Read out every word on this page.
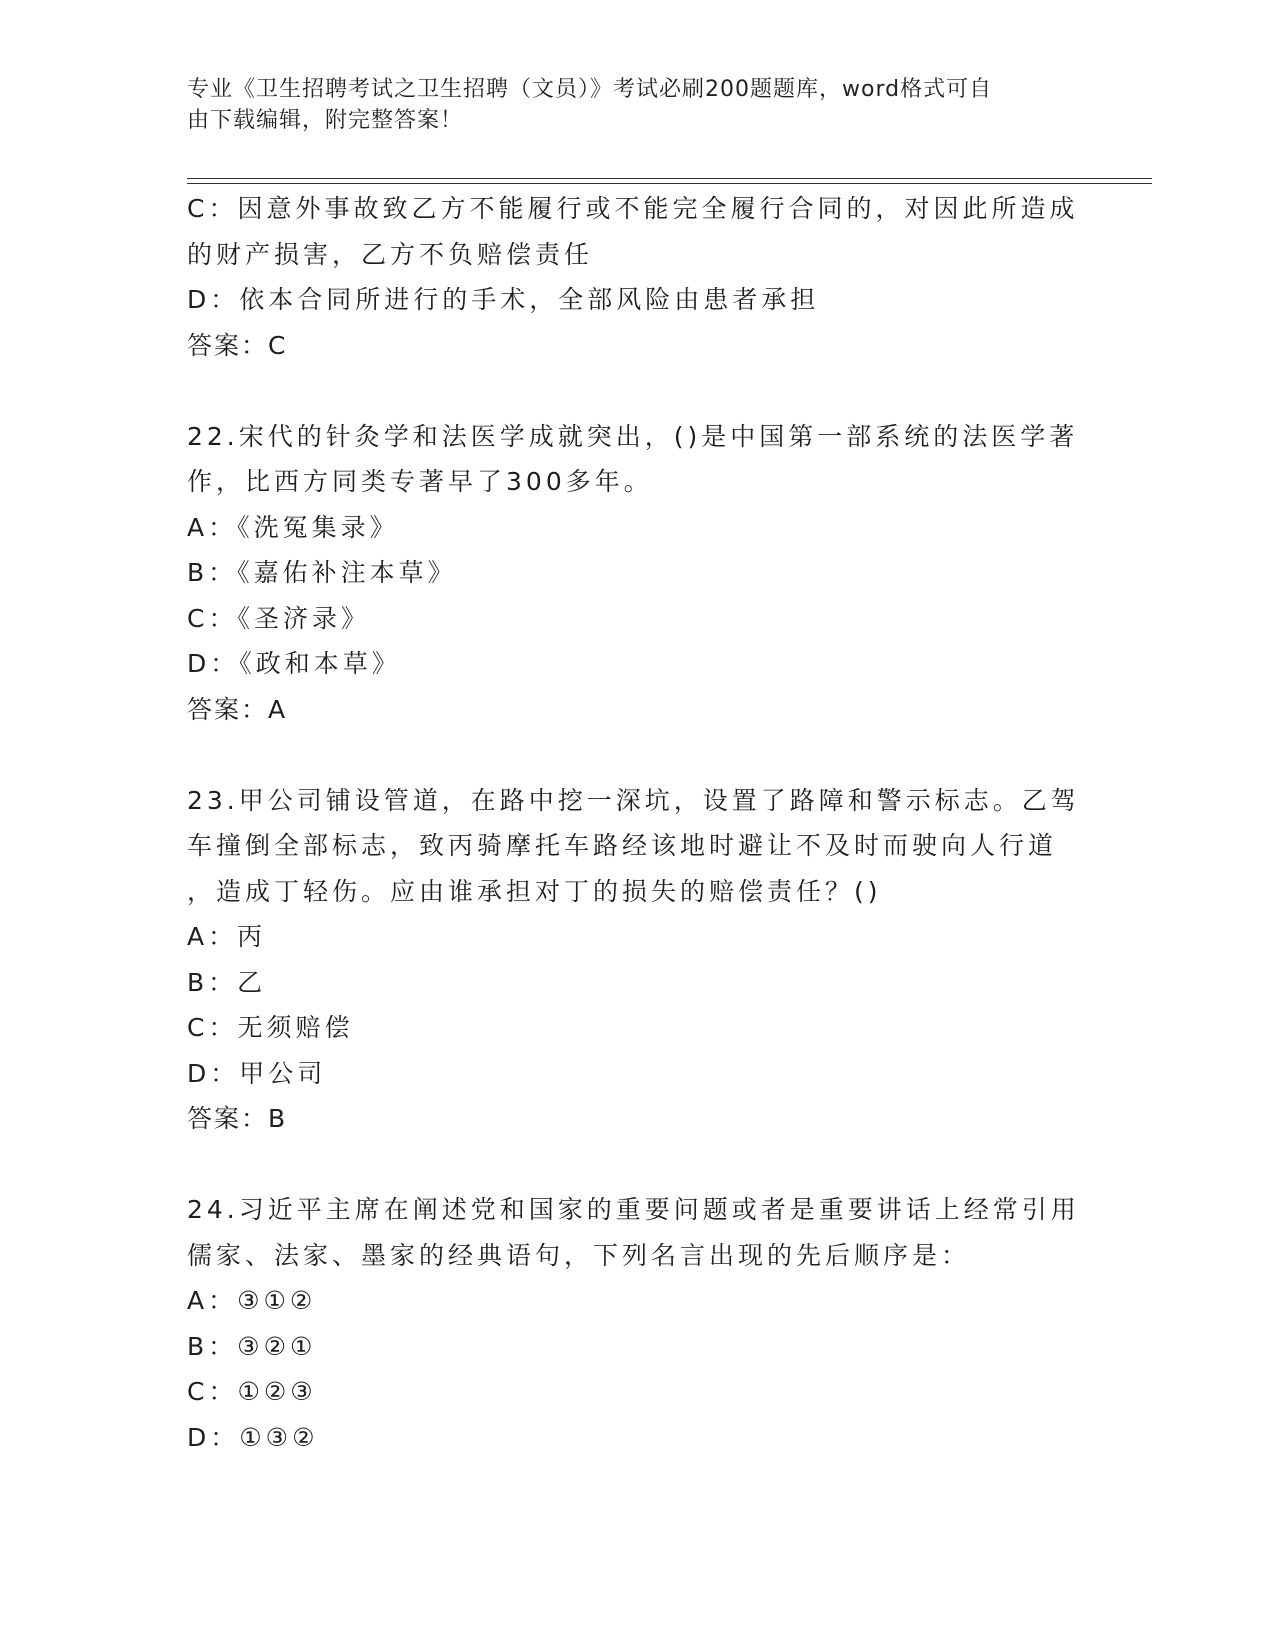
专业《卫生招聘考试之卫生招聘（文员）》考试必刷200题题库，word格式可自
由下载编辑，附完整答案！
C：因意外事故致乙方不能履行或不能完全履行合同的，对因此所造成
的财产损害，乙方不负赔偿责任
D：依本合同所进行的手术，全部风险由患者承担
答案：C
22.宋代的针灸学和法医学成就突出，()是中国第一部系统的法医学著
作，比西方同类专著早了300多年。
A：《洗冤集录》
B：《嘉佑补注本草》
C：《圣济录》
D：《政和本草》
答案：A
23.甲公司铺设管道，在路中挖一深坑，设置了路障和警示标志。乙驾
车撞倒全部标志，致丙骑摩托车路经该地时避让不及时而驶向人行道
，造成丁轻伤。应由谁承担对丁的损失的赔偿责任？()
A：丙
B：乙
C：无须赔偿
D：甲公司
答案：B
24.习近平主席在阐述党和国家的重要问题或者是重要讲话上经常引用
儒家、法家、墨家的经典语句，下列名言出现的先后顺序是：
A：③①②
B：③②①
C：①②③
D：①③②
